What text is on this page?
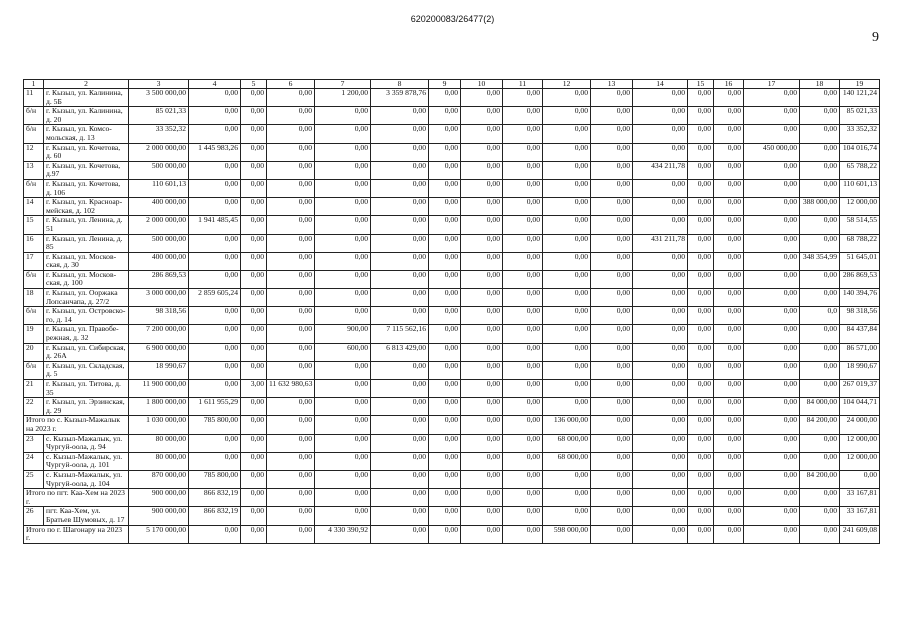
620200083/26477(2)
9
1	2	3	4	5	6	7	8	9	10	11	12	13	14	15	16	17	18	19
11	г. Кызыл, ул. Калинина, д. 5Б	3 500 000,00	0,00	0,00	0,00	1 200,00	3 359 878,76	0,00	0,00	0,00	0,00	0,00	0,00	0,00	0,00	0,00	0,00	140 121,24
б/н	г. Кызыл, ул. Калинина, д. 20	85 021,33	0,00	0,00	0,00	0,00	0,00	0,00	0,00	0,00	0,00	0,00	0,00	0,00	0,00	0,00	0,00	85 021,33
б/н	г. Кызыл, ул. Комсо-мольская, д. 13	33 352,32	0,00	0,00	0,00	0,00	0,00	0,00	0,00	0,00	0,00	0,00	0,00	0,00	0,00	0,00	0,00	33 352,32
12	г. Кызыл, ул. Кочетова, д. 60	2 000 000,00	1 445 983,26	0,00	0,00	0,00	0,00	0,00	0,00	0,00	0,00	0,00	0,00	0,00	0,00	450 000,00	0,00	104 016,74
13	г. Кызыл, ул. Кочетова, д.97	500 000,00	0,00	0,00	0,00	0,00	0,00	0,00	0,00	0,00	0,00	0,00	434 211,78	0,00	0,00	0,00	0,00	65 788,22
б/н	г. Кызыл, ул. Кочетова, д. 106	110 601,13	0,00	0,00	0,00	0,00	0,00	0,00	0,00	0,00	0,00	0,00	0,00	0,00	0,00	0,00	0,00	110 601,13
14	г. Кызыл, ул. Красноар-мейская, д. 102	400 000,00	0,00	0,00	0,00	0,00	0,00	0,00	0,00	0,00	0,00	0,00	0,00	0,00	0,00	0,00	388 000,00	12 000,00
15	г. Кызыл, ул. Ленина, д. 51	2 000 000,00	1 941 485,45	0,00	0,00	0,00	0,00	0,00	0,00	0,00	0,00	0,00	0,00	0,00	0,00	0,00	0,00	58 514,55
16	г. Кызыл, ул. Ленина, д. 85	500 000,00	0,00	0,00	0,00	0,00	0,00	0,00	0,00	0,00	0,00	0,00	431 211,78	0,00	0,00	0,00	0,00	68 788,22
17	г. Кызыл, ул. Москов-ская, д. 30	400 000,00	0,00	0,00	0,00	0,00	0,00	0,00	0,00	0,00	0,00	0,00	0,00	0,00	0,00	0,00	348 354,99	51 645,01
б/н	г. Кызыл, ул. Москов-ская, д. 100	286 869,53	0,00	0,00	0,00	0,00	0,00	0,00	0,00	0,00	0,00	0,00	0,00	0,00	0,00	0,00	0,00	286 869,53
18	г. Кызыл, ул. Ооржака Лопсанчапа, д. 27/2	3 000 000,00	2 859 605,24	0,00	0,00	0,00	0,00	0,00	0,00	0,00	0,00	0,00	0,00	0,00	0,00	0,00	0,00	140 394,76
б/н	г. Кызыл, ул. Островско-го, д. 14	98 318,56	0,00	0,00	0,00	0,00	0,00	0,00	0,00	0,00	0,00	0,00	0,00	0,00	0,00	0,00	0,0	98 318,56
19	г. Кызыл, ул. Правобе-режная, д. 32	7 200 000,00	0,00	0,00	0,00	900,00	7 115 562,16	0,00	0,00	0,00	0,00	0,00	0,00	0,00	0,00	0,00	0,00	84 437,84
20	г. Кызыл, ул. Сибирская, д. 26А	6 900 000,00	0,00	0,00	0,00	600,00	6 813 429,00	0,00	0,00	0,00	0,00	0,00	0,00	0,00	0,00	0,00	0,00	86 571,00
б/н	г. Кызыл, ул. Складская, д. 5	18 990,67	0,00	0,00	0,00	0,00	0,00	0,00	0,00	0,00	0,00	0,00	0,00	0,00	0,00	0,00	0,00	18 990,67
21	г. Кызыл, ул. Титова, д. 35	11 900 000,00	0,00	3,00	11 632 980,63	0,00	0,00	0,00	0,00	0,00	0,00	0,00	0,00	0,00	0,00	0,00	0,00	267 019,37
22	г. Кызыл, ул. Эрзинская, д. 29	1 800 000,00	1 611 955,29	0,00	0,00	0,00	0,00	0,00	0,00	0,00	0,00	0,00	0,00	0,00	0,00	0,00	84 000,00	104 044,71
Итого по с. Кызыл-Мажалык на 2023 г.		1 030 000,00	785 800,00	0,00	0,00	0,00	0,00	0,00	0,00	0,00	136 000,00	0,00	0,00	0,00	0,00	0,00	84 200,00	24 000,00
23	с. Кызыл-Мажалык, ул. Чургуй-оола, д. 94	80 000,00	0,00	0,00	0,00	0,00	0,00	0,00	0,00	0,00	68 000,00	0,00	0,00	0,00	0,00	0,00	0,00	12 000,00
24	с. Кызыл-Мажалык, ул. Чургуй-оола, д. 101	80 000,00	0,00	0,00	0,00	0,00	0,00	0,00	0,00	0,00	68 000,00	0,00	0,00	0,00	0,00	0,00	0,00	12 000,00
25	с. Кызыл-Мажалык, ул. Чургуй-оола, д. 104	870 000,00	785 800,00	0,00	0,00	0,00	0,00	0,00	0,00	0,00	0,00	0,00	0,00	0,00	0,00	0,00	84 200,00	0,00
Итого по пгт. Каа-Хем на 2023 г.		900 000,00	866 832,19	0,00	0,00	0,00	0,00	0,00	0,00	0,00	0,00	0,00	0,00	0,00	0,00	0,00	0,00	33 167,81
26	пгт. Каа-Хем, ул. Братьев Шумовых, д. 17	900 000,00	866 832,19	0,00	0,00	0,00	0,00	0,00	0,00	0,00	0,00	0,00	0,00	0,00	0,00	0,00	0,00	33 167,81
Итого по г. Шагонару на 2023 г.		5 170 000,00	0,00	0,00	0,00	4 330 390,92	0,00	0,00	0,00	0,00	598 000,00	0,00	0,00	0,00	0,00	0,00	0,00	241 609,08
